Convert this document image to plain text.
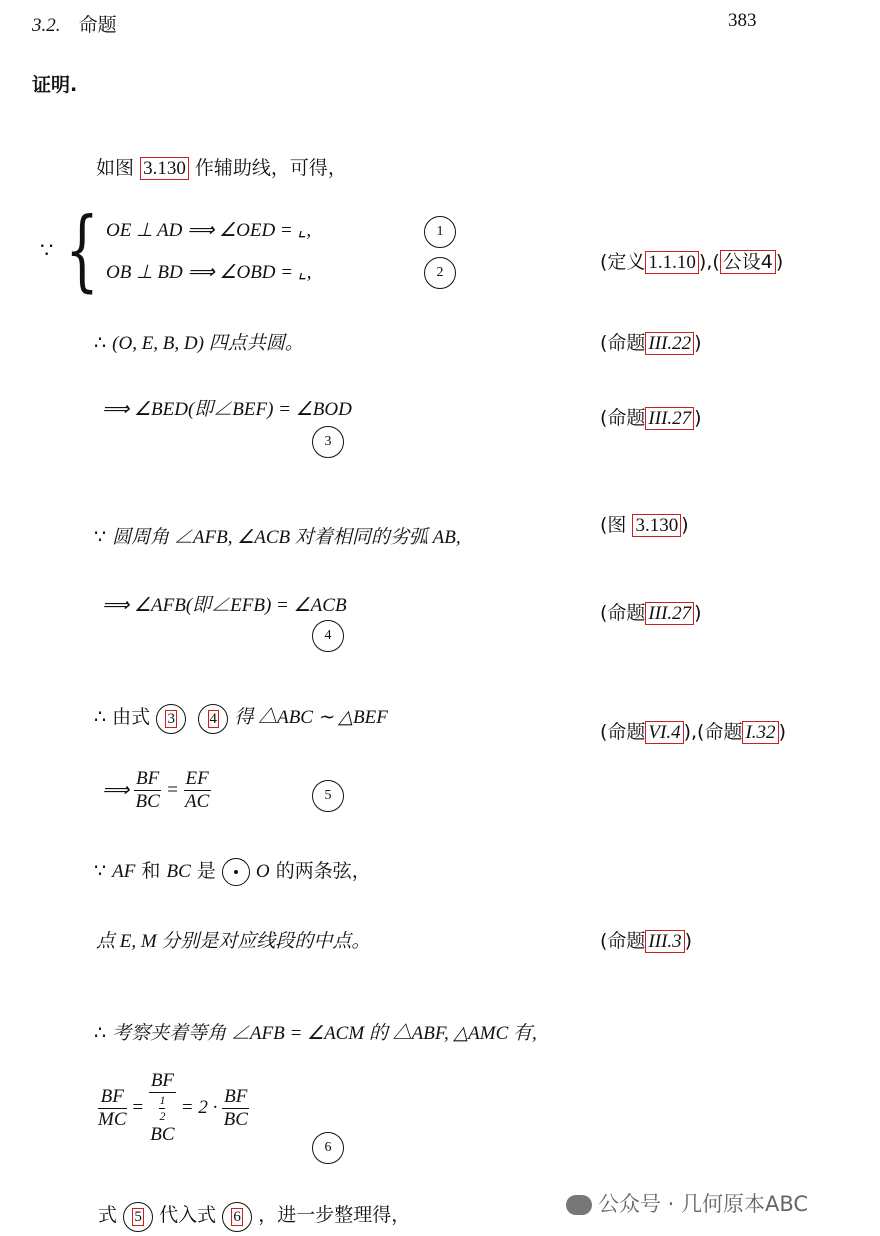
3.2. 命题	383
证明.
如图 3.130 作辅助线，可得，
∵ { OE ⊥ AD ⟹ ∠OED = ⌞,	1
OB ⊥ BD ⟹ ∠OBD = ⌞,	2	(定义 1.1.10 ),( 公设4 )
∴ (O, E, B, D) 四点共圆。	(命题 III.22 )
⟹ ∠BED(即∠BEF) = ∠BOD
3
(命题 III.27 )
∵ 圆周角 ∠AFB, ∠ACB 对着相同的劣弧 AB,
(图 3.130 )
⟹ ∠AFB(即∠EFB) = ∠ACB
4
(命题 III.27 )
∴ 由式 3 4 得 △ABC ∼ △BEF
(命题 VI.4 ),(命题 I.32 )
⟹ $\frac{BF}{BC} = \frac{EF}{AC}$	5
∵ AF 和 BC 是 O 的两条弦，
点 E, M 分别是对应线段的中点。	(命题 III.3 )
∴ 考察夹着等角 ∠AFB = ∠ACM 的 △ABF, △AMC 有,
$\frac{BF}{MC}$ = BF
$\frac{1}{2}$
BC = $2 \cdot \frac{BF}{BC}$
6
式 5 代入式 6 ，进一步整理得，	公众号 · 几何原本ABC
